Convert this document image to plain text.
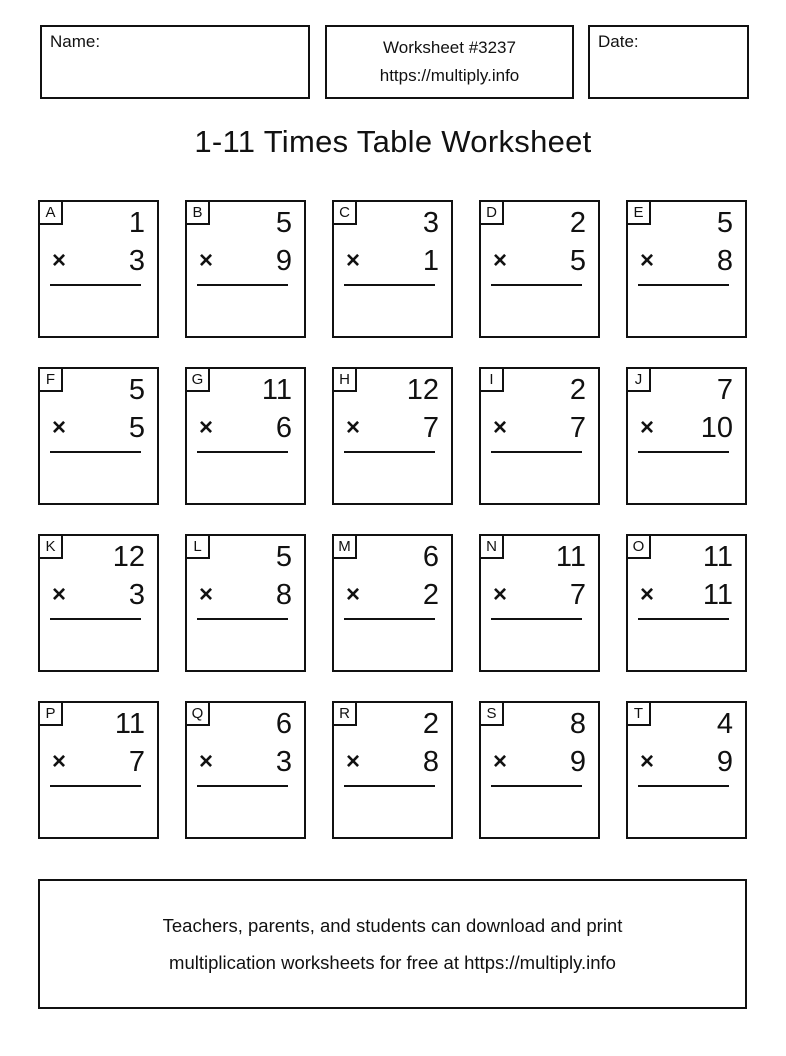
Name:	Worksheet #3237
https://multiply.info
Date:
1-11 Times Table Worksheet
A	1
× 3
B	5
× 9
C	3
× 1
D	2
× 5
E	5
× 8
F	5
× 5
G	11
× 6
H	12
× 7
I	2
× 7
J	7
× 10
K	12
× 3
L	5
× 8
M	6
× 2
N	11
× 7
O	11
× 11
P	11
× 7
Q	6
× 3
R	2
× 8
S	8
× 9
T	4
× 9
Teachers, parents, and students can download and print
multiplication worksheets for free at https://multiply.info
